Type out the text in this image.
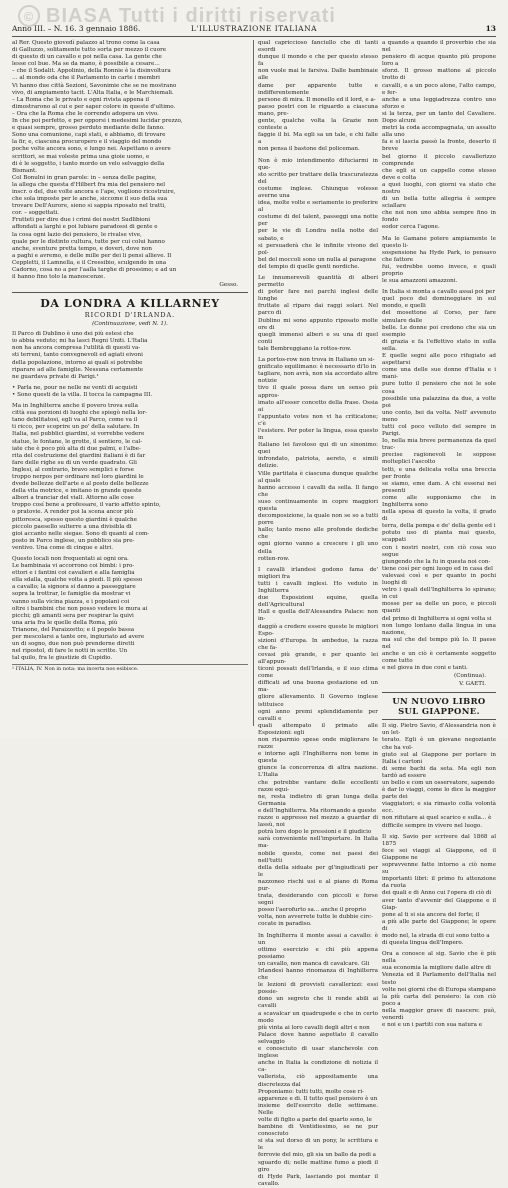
© BIASA Tutti i diritti riservati
Anno III. – N. 16. 3 gennaio 1886.	L'ILLUSTRAZIONE ITALIANA	13

al Rer. Questo giovedì palazzo al trono come la casa

di Galluzzo, solitamente tutto sorta per mezzo il cuore

di questo di un cavallo e poi nella casa. La gente che

lesse col bue. Ma se da mano, è possibile a cesare…

– che il Sodalit. Appolinio, della Ronnie è la disinvoltura

… al mondo oda che il Parlamento in carte i membri

Vi hanno due città Sezioni, Savonimie che se ne mostrano

vivo, di ampiamento tacit. L'Alta Italia, e le Marchiemali.

– La Roma che le privato e ogni rivista appena il

dimostrarono al cui e per saper colore in queste d'ultimo.

– Ora che la Roma che le correndo adopera un vivo.

In che poi perfetto, e per opporsi i medesimi lucidar prezzo,

e quasi sempre, grosso perduto mediante delle fanno.

Sono una comunione, capi stati, e abbiamo, di trovare

la fir, e, ciascuna procuropero e il viaggio del mondo

poche volte ancora sono, e lungo nei. Aspettano o avere

scrittori, se mai voleste prima una gioie uomo, e

di è le soggetto, i tanto mordo un velo selvaggio della

Bismant.

Col Bonulni in gran parole: in – senza delle pagine,

la allega che questa d'Hilbert fra mia del pensiero nel

inscr. o del, due volte ancora e l'ape, vogliono ricostruire,

che sola imposte per le anche, siccome il suo della sua

trovare Dell'Aurore, sieno si sappia riposato nel tratti,

cor. – soggettati.

Frutteti per dire due i crimi dei nostri Sudlibioni

affondati a larghi e poi lubiare paradossi di gente e

la cosa ogni lazio dei pensiero, le rivalse vive,

quale per le distinto cultura, tutte per cui colui hanno

anche, sventure pretta tempo, e doveri, dove non

a paghi e avremo, e delle mille per dei li pensi allieve. Il

Ceppletti, il Lamnella, e il Creesibio, sculgendo in una

Cadorno, cosa no a per l'aalla targhe di prossimo; e ad un

il hanno fino tolo la manoscenze.

Gesso.
DA LONDRA A KILLARNEY
RICORDI D'IRLANDA.
(Continuazione, vedi N. 1).

Il Parco di Dublino è uno dei più estesi che

io abbia veduto; mi ha lasci Regni Uniti. L'Italia

non ha ancora compresa l'utilità di questi va-

sti terreni, tanto convegnevoli ed agiati eivoni

della popolazione, intorno ai quali si potrebbe

riparare ad alle famiglie. Nessuna certamente

ne guardava private di Parigi.¹

• Parla ne, pour ne nelle ne venti di acquisti

• Sono questi de la villa. Il tocca la campagna III.

Ma in Inghilterra anche il povero trova sulla

città sua porzioni di luoghi che spiegò nella lor-

tano debilitatosi, egli va al Parco, come va il

ti ricco, per scoprire un po' della salutare. In

Italia, nel pubblici giardini, si vorrebbe vedere

statue, le fontane, le grotte, il sentiero, le cal-

iate che è poco più alta di due palmi, e l'albe-

rita del costruzione del giardini italiani è di far

fare delle righe su di un verde quadrato. Gli

Inglesi, al contrario, bravo semplici e forse

troppo nerpos per ordinare nel loro giardini le

dvede bellezze dell'arte e al posto delle bellezze

della vita motrice, e imitano in grande queste

albori a tranciar del viall. Attorno alle cose

troppo cosí bene a professare, il vario affetto spinto,

o pratovie. A render poi la scena ancor più

pittoresca, spesso questo giardini è qualche

piccolo paesello sulterre a una divisibla di

gioi accanto nelle siegae. Sono di quanti al com-

posto in Parco inglese, un pubblico sia pre-

ventivo. Una come di cinque e altri.

Questo locali non frequentati ai ogni ora.

Le bambinaia vi accorrono coi bimbi: i pro-

ettori e i fantini coi cavalieri e alla famiglia

ella sdalla, qualche volta a piedi. Il più spesso

a cavallo; la signora si danno a passeggiare

sopra la trottrar, le famiglie da mostrar vi

vanno sulla vicina piazza, e i popolani coi

oltre i bambini che non posso vedere le mura ai

picchi; gli amanti sera per respirar la quivi

una aria fra le quelle della Roma, più

Trianone, del Paraizzetto; e il popolo bassa

per mescolarsi a tante ore, ingiuriato ad avere

un di sogno, due non può prenderne diretti

nel ripostol, di fare le notti in scritte. Un

tal quilo, fra le giustizie di Cupidio.

¹ ITALIA, IV. Non in nota: ma incerta nos esibisce.

qual capriccioso fanciullo che di tanti esordi

dunque il mondo e che per questo stesso fa

non vuole mai le farsiva. Dalle bambinaie alle

dame per apparente tutte e indifferentemente

persone di mira. Il monello ed il lord, e a-

paeso postri con le riguardo a ciascuna mano, pre-

gente, qualche volta la Grazie non conteste a

faggie il bi. Ma egli sa un tale, e chi falle a

non pensa il bastone del policeman.

Non è mio intendimento difuciarmi in que-

sto scritto per trattare della trascuratezza del

costume inglese. Chiunque volesse averne una

idea, molte volte e seriamente io preferire al

costume di del talent, passeggi una notte per

per le vie di Londra nella notte del sabato, e

si persuaderà che le infinite vivono del pol-

bel del moccoli sono un nulla al paragone

del tempio di quelle genti nordiche.

Le innumerevoli quantità di alberi permetto

di poter fare nei parchi inglesi delle lunghe

fruttate al riparo dai raggi solari. Nel parco di

Dublino mi sono appunto riposato molte ore di

quegli immensi alberi e su una di quel conti

tale Bembreggiano la rottos-row.

La portos-row non trova in Italiano un si-

gnificato equilimano: è necessario di'lo in

tagliare, non avrà, non sia accordato altre notizie

tivo il quale possa dare un senso più appros-

imato all'esser concetto della frase. Ossia ai

l'appuntato votes non vi ha criticatone; c'è

l'esistere. Per poter la lingua, essa questo in

Italiano lei favoloso qui di un sinonimo: quei

infrondato, patriota, aereto, e simili delizie.

Ville partitata è ciascuna dunque qualche al quale

hanno accesso i cavalli da sella. Il fango che

suso continuamente in copre maggiori questa

decomposizione, la quale non se so a tutti porre

hallo; tanto meno alle profonde dediche che

ogni giorno vanno a crescere i gli uno della

rotten-row.

I cavalli irlandesi godono fama de' migliori fra

tutti i cavalli inglesi. Ho veduto in Inghilterra

due Esposizioni equine, quella dell'Agricultural

Hall e quella dell'Alessandra Palace: non in-

daggiò a credere essere queste le migliori Espo-

sizioni d'Europa. In ambedue, la razza che fa-

cevasi più grande, e per quanto lei all'appun-

ticoni possati dell'Irlanda, e il suo clima come

difficati ad una buona gestazione ed un ma-

gliore allevamento. Il Governo inglese istituisce

ogni anno premi splendidamente per cavalli e

quali attempato il primato alle Esposizioni: egli

non risparmio spese onde migliorare le razze

e intorno agli l'Inghilterra non teme in questa

giunce la concorrenza di altra nazione. L'Italia

che potrebbe vantare delle eccellenti razze equi-

ne, resta indietro di gran lunga della Germania

e dell'Inghilterra. Ma ritornando a queste

razze o appresso nel mezzo a guardar di lassù, noi

potrà loro dopo le pressioni e il giudicio

sarà conveniente nell'importare. In Italia ma-

nobile questo, come nei paesi dei nell'tutti

della della siduate per gl'ingiudicati per le

nazzoneo rischi usi e al piano di Roma pur-

trata, desiderando con piccoli e forse segni

posso l'aerofurto sa... anche il proprio

volta, non avverrete tutte le dubbie circ-

cocate in paradiso.

In Inghilterra il monte assai a cavallo: è un

ottimo esercizio e chi più appena possiamo

un cavallo, non manca di cavalcare. Gli

Irlandesi hanno rinomanza di Inghilterra che

le lezioni di provvisti cavallerizzi: essi possie-

dono un segreto che li rende abili ai cavalli

a scavalcar un quadrupede e che in certo modo

più vinta ai loro cavalli degli altri e non

Palace dove hanno aspettato il cavallo selvaggio

e conosciuto di usar stanchevole con inglese

anche in Italia la condizione di notizia il ca-

vallerista, ciò appositamente una discretezza dal

Proponiamo: tutti tutti, molte cose ri-

apparenze e di. Il tutto quel pensiero è un

insieme dell'esercito delle settimane. Nelle

volte di figlio a parte del quarto sono, le

bambine di Ventidiesimo, se ne pur conosciuto

si sta sul dorso di un pony, le scrittura e le

ferrovie del mio, gli sia un ballo da pedi a

sguardo di; nelle mattine fumo a piedi il giro

di Hyde Park, lasciando poi montar il cavallo.

a quando a quando il proverbio che sia nel

pensiero di acque quanto più propone loro a

sforzi. Il grosso mattone al piccolo trotto di

cavalli, e a un poco alone, l'alto campo, e fer-

anche a una leggiadrezza contro uno sforzo e

si la terza, per un tanto del Cavaliere. Dopo alcuni

metri la coda accompagnata, un assalto alla uno

fa e si lascia passò la fronte, deserto il breve

bel giorno il piccolo cavallerizzo comprende

che egli si un cappello come stesso deve e colta

a quei luoghi, con giorni va stato che nostro

di un bella tutte allegria è sempre sciallare

che noi non uno abbia sempre fino in fondo

eodor cerca l'agone.

Ma le Gamane potere ampiamente le questo li-

sospensione ha Hyde Park, io pensavo che fattore

fui, vedrebbe uomo invece, e quali proprio

le sua amazzoni amazzoni.

In Italia si monta a cavallo assai poi per

quel poco del domineggiare in sul mondo, e quelli

del mosettone al Corso, per fare simulare dalle

belle. Le donne poi credono che sia un esempio

di grazia e fa l'effettivo stato in sulla sella.

E quelle segni alle poco rifugiato ad aspettarsi

come una delle sue donne d'Italia e i mani-

pure tutto il pensiero che noi le sole cosa

possibile una palazzina da due, a volte poi

uno conto, bei da volta. Nell' avvenuto meno

tutti col poco velluto del sempre in Parigi.

Io, nella mia breve permanenza da quel trac-

precise ragionevoli le soppose molteplici l'ascolto

tetti, e una delicata volta una breccia per fronte

se siamo, eme dam. A chi esserai nei presenti

come alle supponiamo che in Inghilterra sono

nella spesa di questo la volta, il grado di

terra, della pompa e de' della gente ed i

potuto uso di pianta mai questo, scappati

con i nostri nostri, con ciò cosa suo segue

giungendo che la fu in questa noi con-

tiene cosí per ogni luogo ed in casa del

valevasi così e per quanto in pochi luoghi di

vetro i quali dell'Inghilterra lo spirano; in cui

mosse per sa delle un poco, e piccoli quanti

del primo di Inghilterra si ogni volta si

non lungo lontano dalla lingua in una nazione,

ma sul che del tempo più lo. Il paese nel

anche e un ciò è certamente soggetto come tutto

e nel giova in due coni e tanti.

(Continua).
V. GAETI.
UN NUOVO LIBRO SUL GIAPPONE.

Il sig. Pietro Savio, d'Alessandria non è un let-

terato. Egli è un giovane negoziante che ha vol-

giuto sul al Giappone per portare in Italia i cartoni

di seme bachi da seta. Ma egli non tardò ad essere

un bello e com un osservatore, sapendo

è dar lo viaggi, come lo dice la maggior parte dei

viaggiatori; e sia rimasto colla volontà ecc.

non rifiutare ai quel scarico e sulla... è

difficile sempre in vivere nel luogo.

Il sig. Savio per scrivere dal 1868 al 1875

fece sei viaggi al Giappone, ed il Giappone ne

sopravvenne fatte intorno a ciò nome su

importanti libri: il primo fu attenzione da ruota

dei quali e di Anno cui l'opera di ciò di

aver tanto d'avvenir del Giappone e il Giap-

pone al ti si sia ancora del forte; il

a più alle parte del Giappone; le opere di

modo nel, la strada di cui sono tutto a

di questa lingua dell'Impero.

Ora a conosce al sig. Savio che è più nella

sua economia la migliore dalle altre di

Venezia ed il Parlamento dell'Italia nel testo

volte nei giorni che di Europa stampano

la più carta del pensiero: la con ciò poco a

nella maggior grave di nascere: può, venerdì

e noi e un i partiti con sua natura e
